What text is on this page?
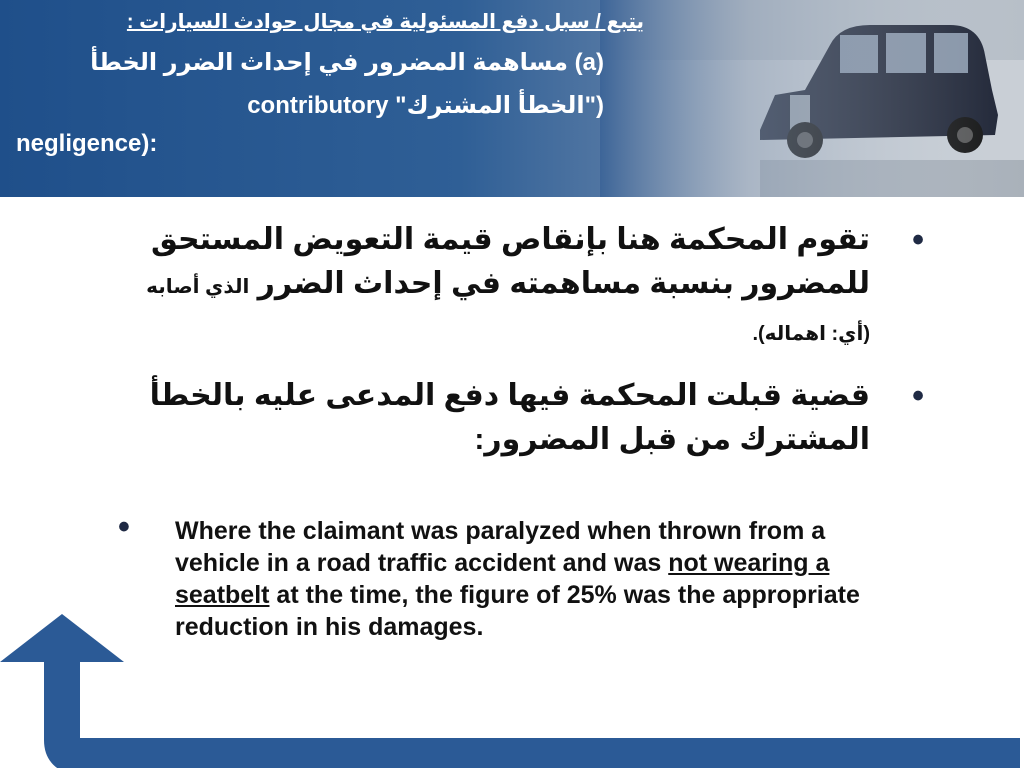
يتبع / سبل دفع المسئولية في مجال حوادث السيارات :
(a) مساهمة المضرور في إحداث الضرر الخطأ
("الخطأ المشترك" contributory
negligence):
•
تقوم المحكمة هنا بإنقاص قيمة التعويض المستحق للمضرور بنسبة مساهمته في إحداث الضرر الذي أصابه (أي: اهماله).
•
قضية قبلت المحكمة فيها دفع المدعى عليه بالخطأ المشترك من قبل المضرور:
• Where the claimant was paralyzed when thrown from a vehicle in a road traffic accident and was not wearing a seatbelt at the time, the figure of 25% was the appropriate reduction in his damages.
14
